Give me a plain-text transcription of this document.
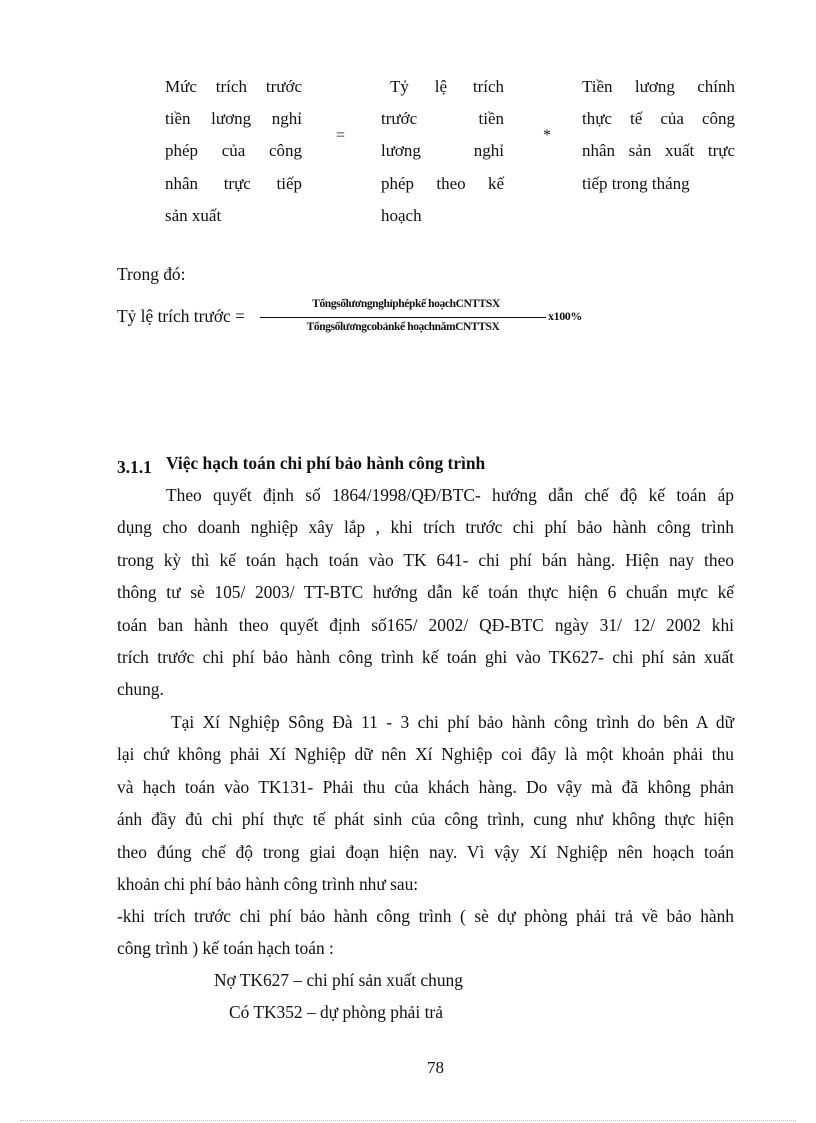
Mức trích trước
tiền lương nghỉ
phép của công
nhân trực tiếp
sản xuất
=
Tỷ lệ trích
trước tiền
lương nghỉ
phép theo kế
hoạch
*
Tiền lương chính
thực tế của công
nhân sản xuất trực
tiếp trong tháng
Trong đó:
Tỷ lệ trích trước =
Tổngsốlươngnghỉphépkế hoạchCNTTSX
Tổngsốlươngcobảnkế hoạchnămCNTTSX
x100%
3.1.1 Việc hạch toán chi phí bảo hành công trình
Theo quyết định số 1864/1998/QĐ/BTC- hướng dẫn chế độ kế toán áp
dụng cho doanh nghiệp xây lắp , khi trích trước chi phí bảo hành công trình
trong kỳ thì kế toán hạch toán vào TK 641- chi phí bán hàng. Hiện nay theo
thông tư sè 105/ 2003/ TT-BTC hướng dẫn kế toán thực hiện 6 chuẩn mực kế
toán ban hành theo quyết định số165/ 2002/ QĐ-BTC ngày 31/ 12/ 2002 khi
trích trước chi phí bảo hành công trình kế toán ghi vào TK627- chi phí sản xuất
chung.
Tại Xí Nghiệp Sông Đà 11 - 3 chi phí bảo hành công trình do bên A dữ
lại chứ không phải Xí Nghiệp dữ nên Xí Nghiệp coi đây là một khoản phải thu
và hạch toán vào TK131- Phải thu của khách hàng. Do vậy mà đã không phản
ánh đầy đủ chi phí thực tế phát sinh của công trình, cung như không thực hiện
theo đúng chế độ trong giai đoạn hiện nay. Vì vậy Xí Nghiệp nên hoạch toán
khoản chi phí bảo hành công trình như sau:
-khi trích trước chi phí bảo hành công trình ( sè dự phòng phải trả về bảo hành
công trình ) kế toán hạch toán :
Nợ TK627 – chi phí sản xuất chung
Có TK352 – dự phòng phải trả
78
